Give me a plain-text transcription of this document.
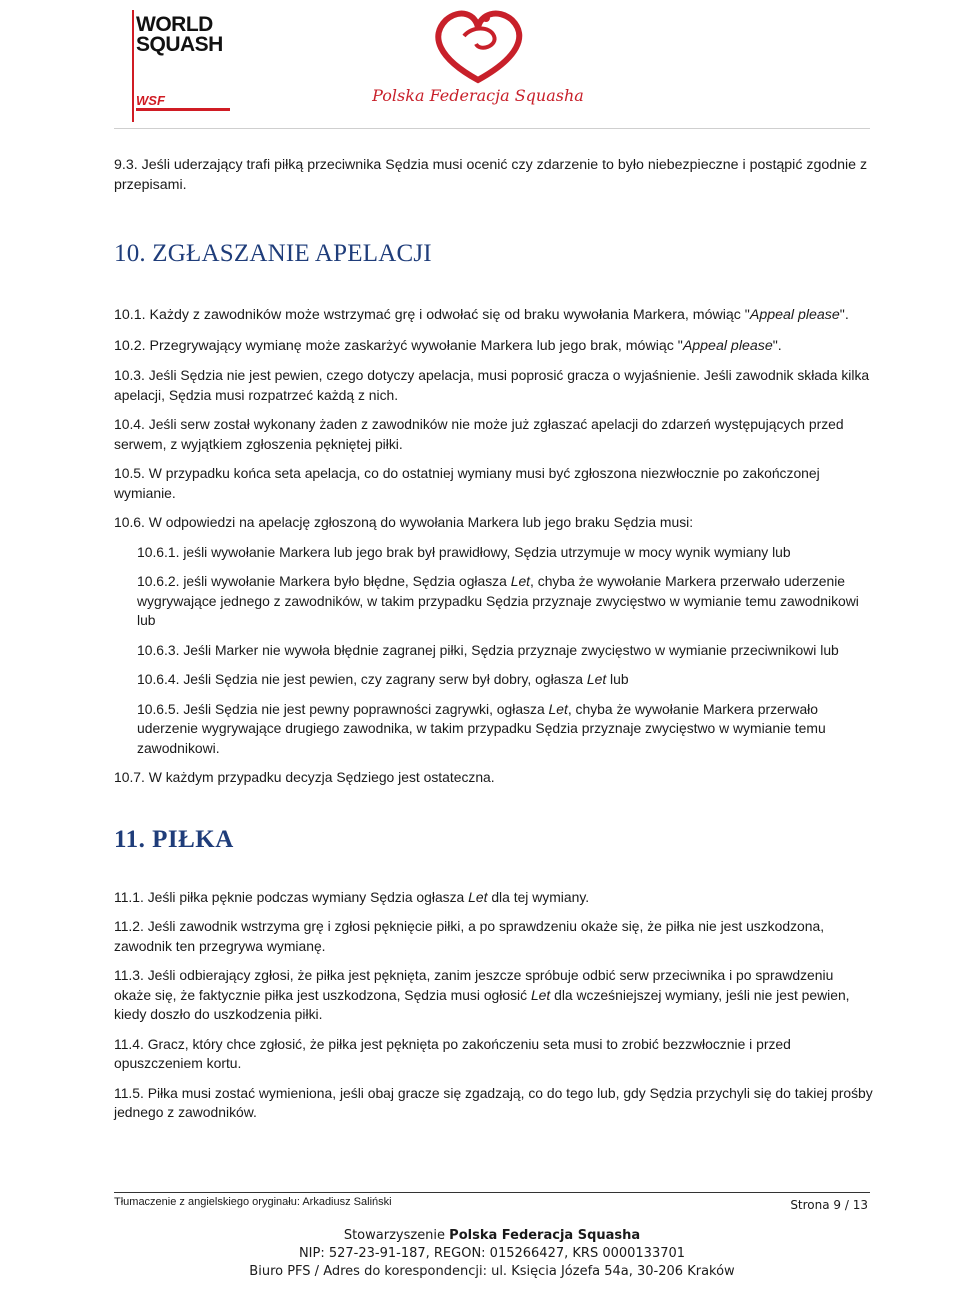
WORLD
SQUASH
WSF	Polska Federacja Squasha

9.3. Jeśli uderzający trafi piłką przeciwnika Sędzia musi ocenić czy zdarzenie to było niebezpieczne i postąpić zgodnie z przepisami.

10. ZGŁASZANIE APELACJI

10.1. Każdy z zawodników może wstrzymać grę i odwołać się od braku wywołania Markera, mówiąc "Appeal please".

10.2. Przegrywający wymianę może zaskarżyć wywołanie Markera lub jego brak, mówiąc "Appeal please".

10.3. Jeśli Sędzia nie jest pewien, czego dotyczy apelacja, musi poprosić gracza o wyjaśnienie. Jeśli zawodnik składa kilka apelacji, Sędzia musi rozpatrzeć każdą z nich.

10.4. Jeśli serw został wykonany żaden z zawodników nie może już zgłaszać apelacji do zdarzeń występujących przed serwem, z wyjątkiem zgłoszenia pękniętej piłki.

10.5. W przypadku końca seta apelacja, co do ostatniej wymiany musi być zgłoszona niezwłocznie po zakończonej wymianie.

10.6. W odpowiedzi na apelację zgłoszoną do wywołania Markera lub jego braku Sędzia musi:

10.6.1. jeśli wywołanie Markera lub jego brak był prawidłowy, Sędzia utrzymuje w mocy wynik wymiany lub

10.6.2. jeśli wywołanie Markera było błędne, Sędzia ogłasza Let, chyba że wywołanie Markera przerwało uderzenie wygrywające jednego z zawodników, w takim przypadku Sędzia przyznaje zwycięstwo w wymianie temu zawodnikowi lub

10.6.3. Jeśli Marker nie wywoła błędnie zagranej piłki, Sędzia przyznaje zwycięstwo w wymianie przeciwnikowi lub

10.6.4. Jeśli Sędzia nie jest pewien, czy zagrany serw był dobry, ogłasza Let lub

10.6.5. Jeśli Sędzia nie jest pewny poprawności zagrywki, ogłasza Let, chyba że wywołanie Markera przerwało uderzenie wygrywające drugiego zawodnika, w takim przypadku Sędzia przyznaje zwycięstwo w wymianie temu zawodnikowi.

10.7. W każdym przypadku decyzja Sędziego jest ostateczna.

11. PIŁKA

11.1. Jeśli piłka pęknie podczas wymiany Sędzia ogłasza Let dla tej wymiany.

11.2. Jeśli zawodnik wstrzyma grę i zgłosi pęknięcie piłki, a po sprawdzeniu okaże się, że piłka nie jest uszkodzona, zawodnik ten przegrywa wymianę.

11.3. Jeśli odbierający zgłosi, że piłka jest pęknięta, zanim jeszcze spróbuje odbić serw przeciwnika i po sprawdzeniu okaże się, że faktycznie piłka jest uszkodzona, Sędzia musi ogłosić Let dla wcześniejszej wymiany, jeśli nie jest pewien, kiedy doszło do uszkodzenia piłki.

11.4. Gracz, który chce zgłosić, że piłka jest pęknięta po zakończeniu seta musi to zrobić bezzwłocznie i przed opuszczeniem kortu.

11.5. Piłka musi zostać wymieniona, jeśli obaj gracze się zgadzają, co do tego lub, gdy Sędzia przychyli się do takiej prośby jednego z zawodników.

Tłumaczenie z angielskiego oryginału: Arkadiusz Saliński	Strona 9 / 13
Stowarzyszenie Polska Federacja Squasha
NIP: 527-23-91-187, REGON: 015266427, KRS 0000133701
Biuro PFS / Adres do korespondencji: ul. Księcia Józefa 54a, 30-206 Kraków
